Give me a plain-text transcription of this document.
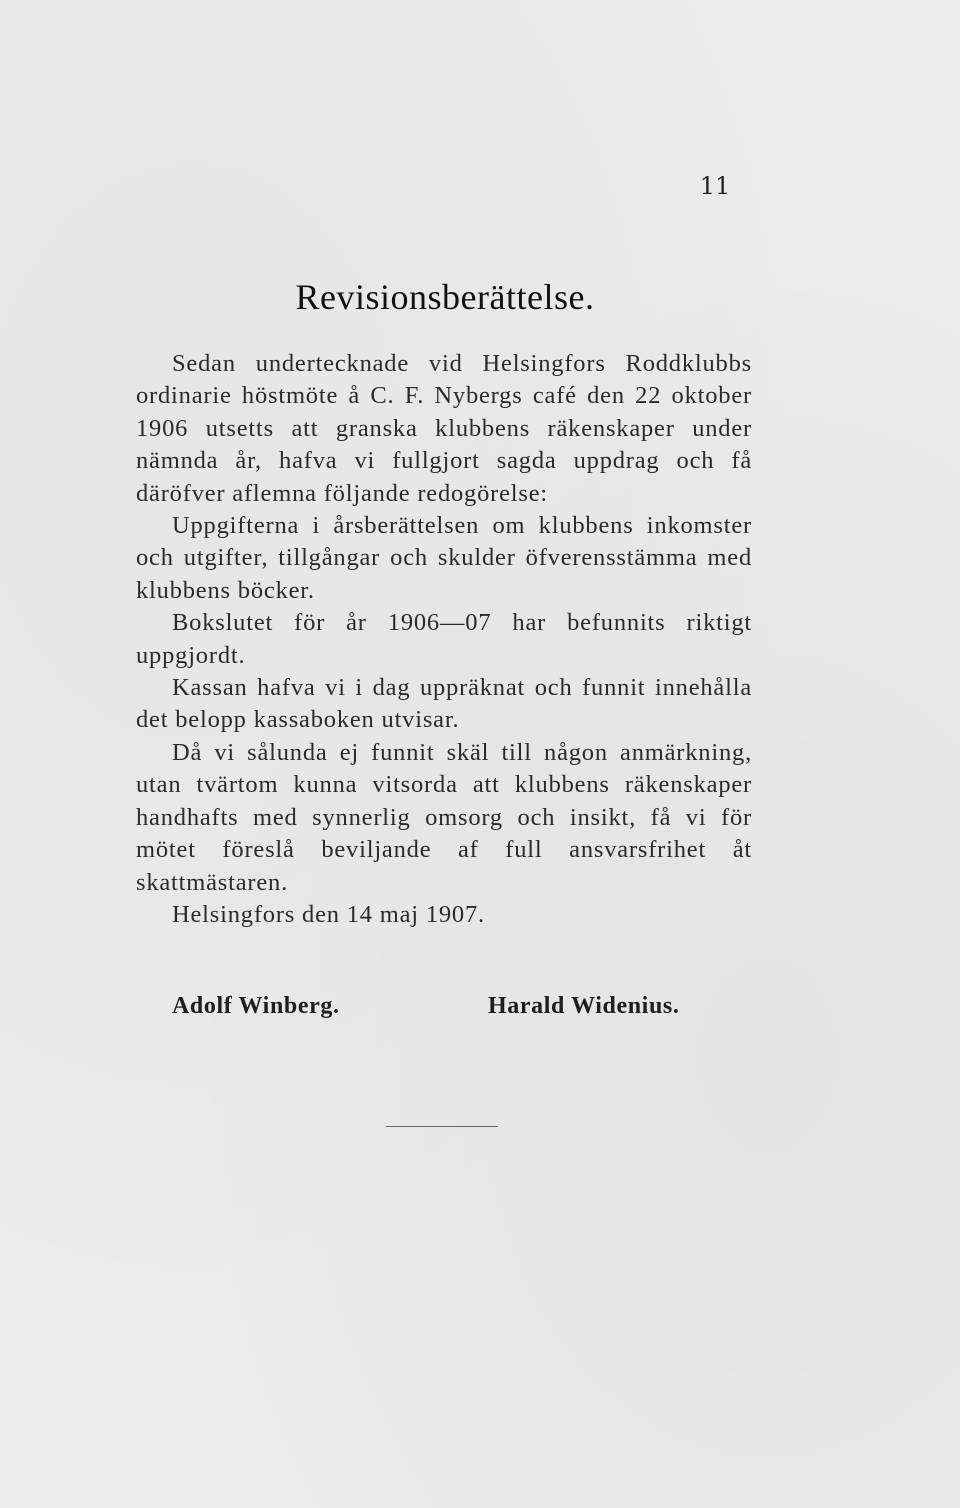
11
Revisionsberättelse.

Sedan undertecknade vid Helsingfors Roddklubbs ordinarie höstmöte å C. F. Nybergs café den 22 oktober 1906 utsetts att granska klubbens räkenskaper under nämnda år, hafva vi fullgjort sagda uppdrag och få däröfver aflemna följande redogörelse:

Uppgifterna i årsberättelsen om klubbens inkomster och utgifter, tillgångar och skulder öfverensstämma med klubbens böcker.

Bokslutet för år 1906—07 har befunnits riktigt uppgjordt.

Kassan hafva vi i dag uppräknat och funnit innehålla det belopp kassaboken utvisar.

Då vi sålunda ej funnit skäl till någon anmärkning, utan tvärtom kunna vitsorda att klubbens räkenskaper handhafts med synnerlig omsorg och insikt, få vi för mötet föreslå beviljande af full ansvarsfrihet åt skattmästaren.

Helsingfors den 14 maj 1907.

Adolf Winberg.	Harald Widenius.
